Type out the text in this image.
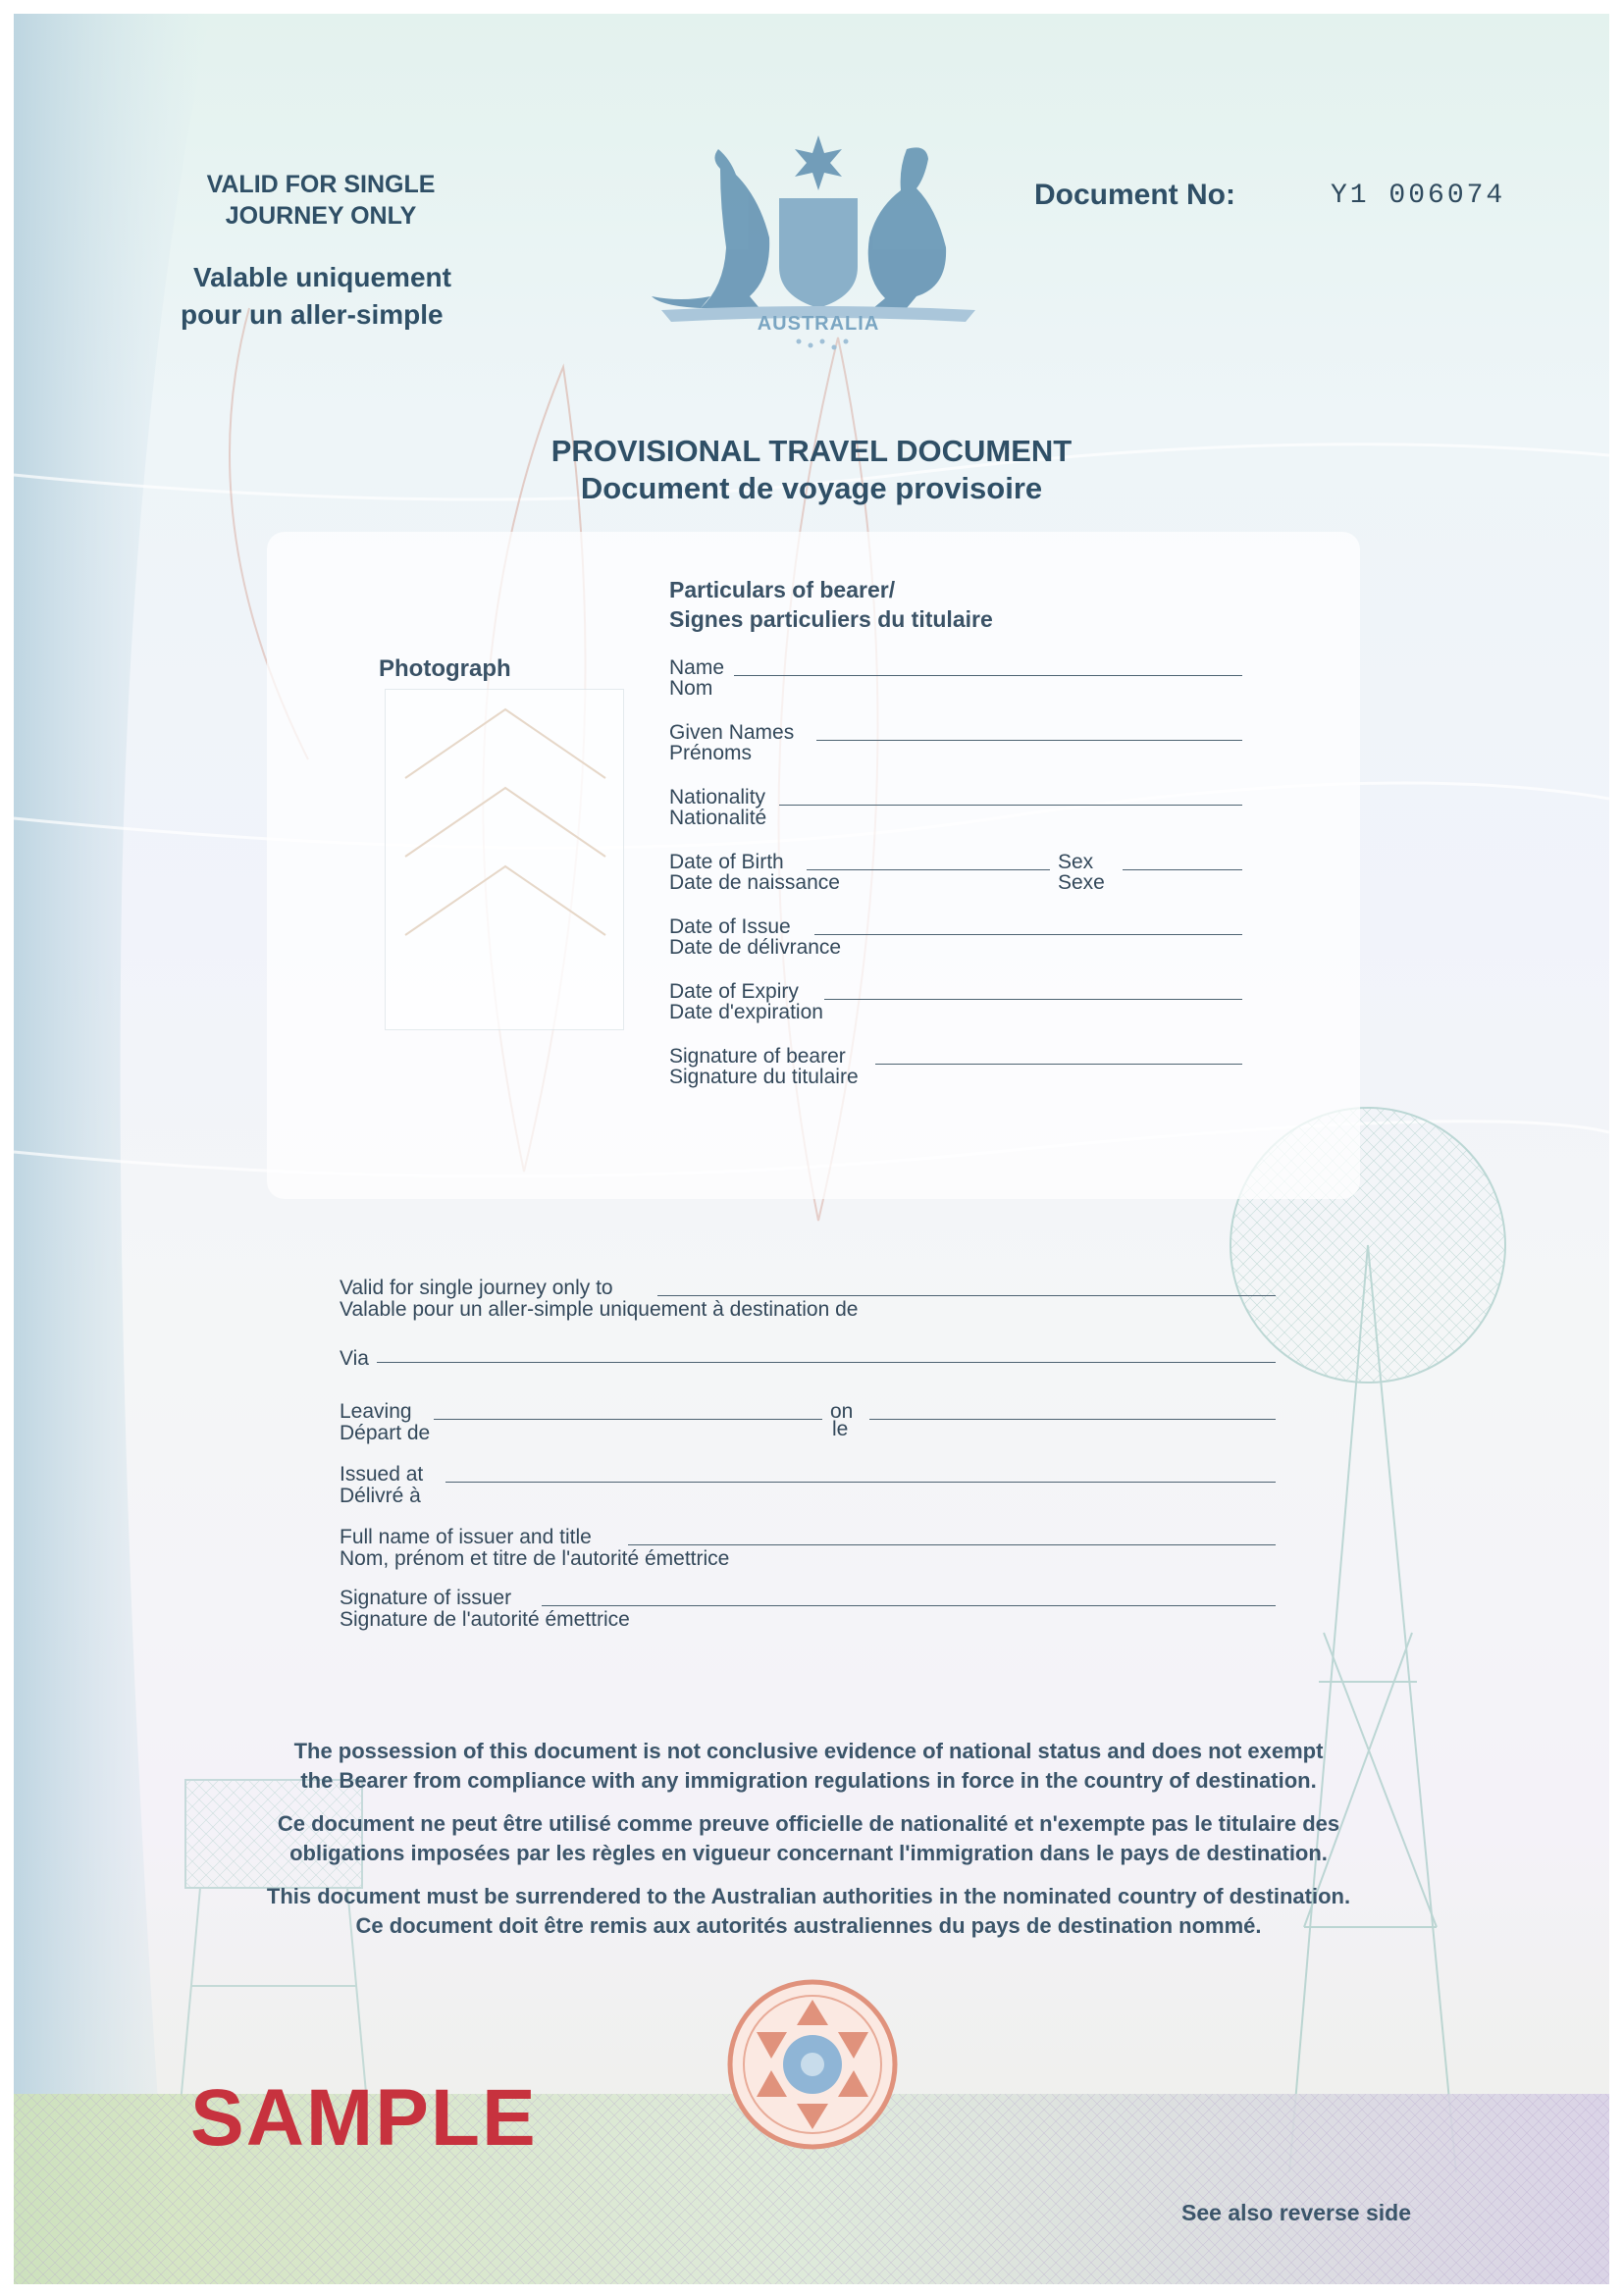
VALID FOR SINGLE
JOURNEY ONLY
Valable uniquement
pour un aller-simple	AUSTRALIA
Document No:	Y1 006074
PROVISIONAL TRAVEL DOCUMENT
Document de voyage provisoire
Particulars of bearer/
Signes particuliers du titulaire
Photograph	Name
Nom
Given Names
Prénoms
Nationality
Nationalité
Date of Birth
Date de naissance
Sex
Sexe
Date of Issue
Date de délivrance
Date of Expiry
Date d'expiration
Signature of bearer
Signature du titulaire
Valid for single journey only to
Valable pour un aller-simple uniquement à destination de
Via
Leaving
Départ de
on
le
Issued at
Délivré à
Full name of issuer and title
Nom, prénom et titre de l'autorité émettrice
Signature of issuer
Signature de l'autorité émettrice
The possession of this document is not conclusive evidence of national status and does not exempt
the Bearer from compliance with any immigration regulations in force in the country of destination.
Ce document ne peut être utilisé comme preuve officielle de nationalité et n'exempte pas le titulaire des
obligations imposées par les règles en vigueur concernant l'immigration dans le pays de destination.
This document must be surrendered to the Australian authorities in the nominated country of destination.
Ce document doit être remis aux autorités australiennes du pays de destination nommé.
SAMPLE
See also reverse side
